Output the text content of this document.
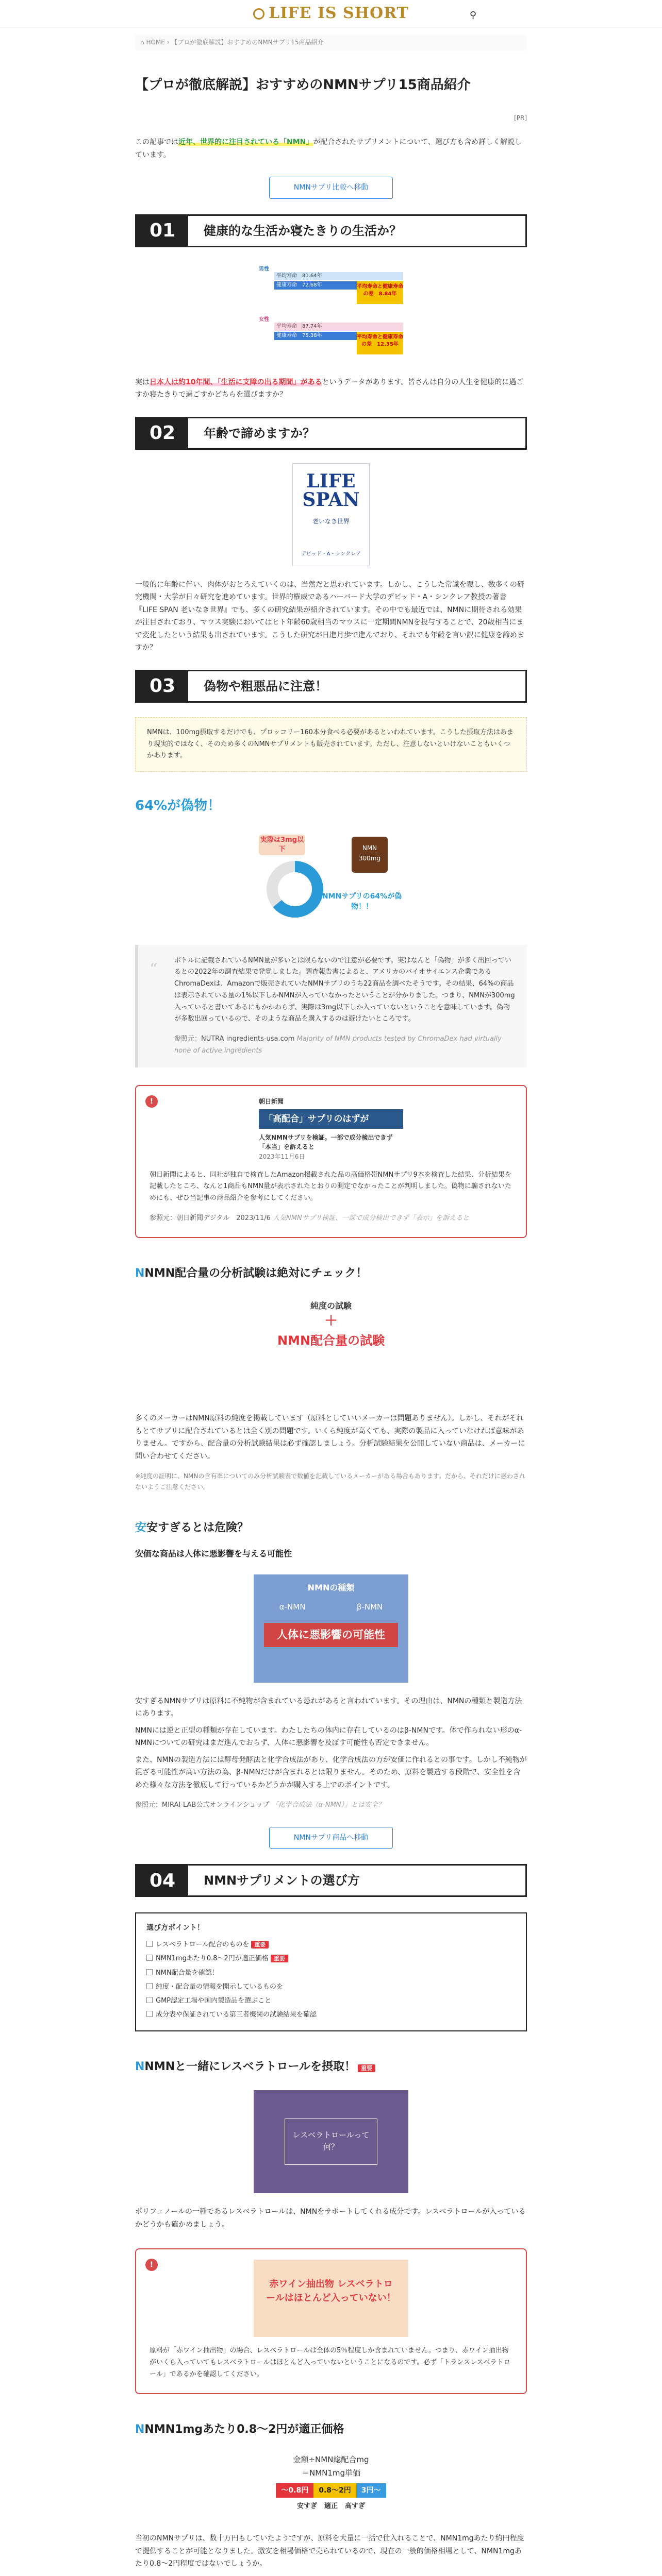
LIFE IS SHORT	⚲
⌂ HOME › 【プロが徹底解説】おすすめのNMNサプリ15商品紹介
【プロが徹底解説】おすすめのNMNサプリ15商品紹介
[PR]

この記事では近年、世界的に注目されている「NMN」が配合されたサプリメントについて、選び方も含め詳しく解説しています。

NMNサプリ比較へ移動
01	健康的な生活か寝たきりの生活か？
男性
平均寿命　81.64年
健康寿命　72.68年	平均寿命と健康寿命の差　8.84年
女性
平均寿命　87.74年
健康寿命　75.38年	平均寿命と健康寿命の差　12.35年

実は日本人は約10年間、「生活に支障の出る期間」があるというデータがあります。皆さんは自分の人生を健康的に過ごすか寝たきりで過ごすかどちらを選びますか？

02	年齢で諦めますか？
LIFE SPAN
老いなき世界
デビッド・A・シンクレア

一般的に年齢に伴い、肉体がおとろえていくのは、当然だと思われています。しかし、こうした常識を覆し、数多くの研究機関・大学が日々研究を進めています。世界的権威であるハーバード大学のデビッド・A・シンクレア教授の著書『LIFE SPAN 老いなき世界』でも、多くの研究結果が紹介されています。その中でも最近では、NMNに期待される効果が注目されており、マウス実験においてはヒト年齢60歳相当のマウスに一定期間NMNを投与することで、20歳相当にまで変化したという結果も出されています。こうした研究が日進月歩で進んでおり、それでも年齢を言い訳に健康を諦めますか？

03	偽物や粗悪品に注意！
NMNは、100mg摂取するだけでも、プロッコリー160本分食べる必要があるといわれています。こうした摂取方法はあまり現実的ではなく、そのため多くのNMNサプリメントも販売されています。ただし、注意しないといけないこともいくつかあります。
64%が偽物！
実際は3mg以下	NMN 300mg
NMNサプリの64%が偽物！！
“	ボトルに記載されているNMN量が多いとは限らないので注意が必要です。実はなんと「偽物」が多く出回っているとの2022年の調査結果で発覚しました。調査報告書によると、アメリカのバイオサイエンス企業であるChromaDexは、Amazonで販売されていたNMNサプリのうち22商品を調べたそうです。その結果、64%の商品は表示されている量の1%以下しかNMNが入っていなかったということが分かりました。つまり、NMNが300mg入っていると書いてあるにもかかわらず、実際は3mg以下しか入っていないということを意味しています。偽物が多数出回っているので、そのような商品を購入するのは避けたいところです。

参照元：NUTRA ingredients-usa.com Majority of NMN products tested by ChromaDex had virtually none of active ingredients

!	朝日新聞
「高配合」サプリのはずが
人気NMNサプリを検証。一部で成分検出できず「本当」を訴えると
2023年11月6日

朝日新聞によると、同社が独自で検査したAmazon掲載された品の高価格帯NMNサプリ9本を検査した結果、分析結果を記載したところ、なんと1商品もNMN量が表示されたとおりの測定でなかったことが判明しました。偽物に騙されないためにも、ぜひ当記事の商品紹介を参考にしてください。

参照元：朝日新聞デジタル　2023/11/6 人気NMNサプリ検証、一部で成分検出できず「表示」を訴えると

NNMN配合量の分析試験は絶対にチェック！
純度の試験
＋
NMN配合量の試験

多くのメーカーはNMN原料の純度を掲載しています（原料としていいメーカーは問題ありません）。しかし、それがそれもとてサプリに配合されているとは全く別の問題です。いくら純度が高くても、実際の製品に入っていなければ意味がありません。ですから、配合量の分析試験結果は必ず確認しましょう。分析試験結果を公開していない商品は、メーカーに問い合わせてください。

※純度の証明に、NMNの含有率についてのみ分析試験表で数値を記載しているメーカーがある場合もあります。だから、それだけに惑わされないようご注意ください。

安安すぎるとは危険？
安価な商品は人体に悪影響を与える可能性
NMNの種類
α-NMN	β-NMN
人体に悪影響の可能性

安すぎるNMNサプリは原料に不純物が含まれている恐れがあると言われています。その理由は、NMNの種類と製造方法にあります。

NMNには逆と正型の種類が存在しています。わたしたちの体内に存在しているのはβ-NMNです。体で作られない形のα-NMNについての研究はまだ進んでおらず、人体に悪影響を及ぼす可能性も否定できません。

また、NMNの製造方法には酵母発酵法と化学合成法があり、化学合成法の方が安価に作れるとの事です。しかし不純物が混ざる可能性が高い方法の為、β-NMNだけが含まれるとは限りません。そのため、原料を製造する段階で、安全性を含めた様々な方法を徹底して行っているかどうかが購入する上でのポイントです。

参照元：MIRAI-LAB公式オンラインショップ 「化学合成法（α-NMN）」とは安全？

NMNサプリ商品へ移動
04	NMNサプリメントの選び方
選び方ポイント！
レスベラトロール配合のものを 重要
NMN1mgあたり0.8〜2円が適正価格 重要
NMN配合量を確認！
純度・配合量の情報を開示しているものを
GMP認定工場や国内製造品を選ぶこと
成分表や保証されている第三者機関の試験結果を確認
NNMNと一緒にレスベラトロールを摂取！ 重要
レスベラトロールって何？

ポリフェノールの一種であるレスベラトロールは、NMNをサポートしてくれる成分です。レスベラトロールが入っているかどうかも確かめましょう。

!
赤ワイン抽出物 レスベラトロールはほとんど入っていない！

原料が「赤ワイン抽出物」の場合、レスベラトロールは全体の5％程度しか含まれていません。つまり、赤ワイン抽出物がいくら入っていてもレスベラトロールはほとんど入っていないということになるのです。必ず「トランスレスベラトロール」であるかを確認してください。

NNMN1mgあたり0.8〜2円が適正価格
金額÷NMN総配合mg
＝NMN1mg単価
〜0.8円	0.8〜2円	3円〜
安すぎ 適正 高すぎ

当初のNMNサプリは、数十万円もしていたようですが、原料を大量に一括で仕入れることで、NMN1mgあたり約円程度で提供することが可能となりました。激安を相場価格で売られているので、現在の一般的価格相場として、NMN1mgあたり0.8〜2円程度ではないでしょうか。
